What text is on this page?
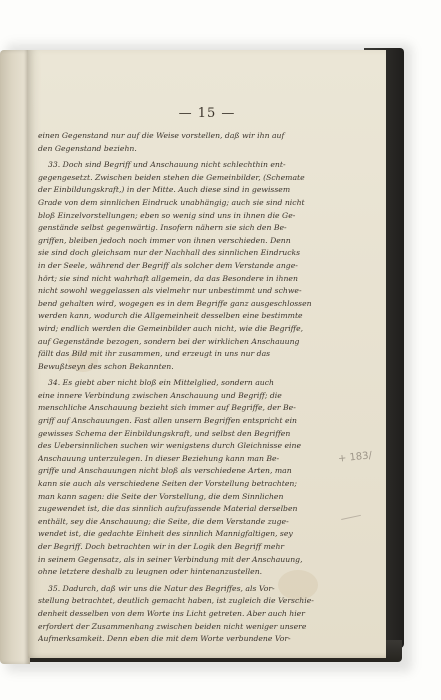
— 15 —

einen Gegenstand nur auf die Weise vorstellen, daß wir ihn auf
den Gegenstand beziehn.

33. Doch sind Begriff und Anschauung nicht schlechthin ent-
gegengesetzt. Zwischen beiden stehen die Gemeinbilder, (Schemate
der Einbildungskraft,) in der Mitte. Auch diese sind in gewissem
Grade von dem sinnlichen Eindruck unabhängig; auch sie sind nicht
bloß Einzelvorstellungen; eben so wenig sind uns in ihnen die Ge-
genstände selbst gegenwärtig. Insofern nähern sie sich den Be-
griffen, bleiben jedoch noch immer von ihnen verschieden. Denn
sie sind doch gleichsam nur der Nachhall des sinnlichen Eindrucks
in der Seele, während der Begriff als solcher dem Verstande ange-
hört; sie sind nicht wahrhaft allgemein, da das Besondere in ihnen
nicht sowohl weggelassen als vielmehr nur unbestimmt und schwe-
bend gehalten wird, wogegen es in dem Begriffe ganz ausgeschlossen
werden kann, wodurch die Allgemeinheit desselben eine bestimmte
wird; endlich werden die Gemeinbilder auch nicht, wie die Begriffe,
auf Gegenstände bezogen, sondern bei der wirklichen Anschauung
fällt das Bild mit ihr zusammen, und erzeugt in uns nur das
Bewußtseyn des schon Bekannten.

34. Es giebt aber nicht bloß ein Mittelglied, sondern auch
eine innere Verbindung zwischen Anschauung und Begriff; die
menschliche Anschauung bezieht sich immer auf Begriffe, der Be-
griff auf Anschauungen. Fast allen unsern Begriffen entspricht ein
gewisses Schema der Einbildungskraft, und selbst den Begriffen
des Uebersinnlichen suchen wir wenigstens durch Gleichnisse eine
Anschauung unterzulegen. In dieser Beziehung kann man Be-
griffe und Anschauungen nicht bloß als verschiedene Arten, man
kann sie auch als verschiedene Seiten der Vorstellung betrachten;
man kann sagen: die Seite der Vorstellung, die dem Sinnlichen
zugewendet ist, die das sinnlich aufzufassende Material derselben
enthält, sey die Anschauung; die Seite, die dem Verstande zuge-
wendet ist, die gedachte Einheit des sinnlich Mannigfaltigen, sey
der Begriff. Doch betrachten wir in der Logik den Begriff mehr
in seinem Gegensatz, als in seiner Verbindung mit der Anschauung,
ohne letztere deshalb zu leugnen oder hintenanzustellen.

35. Dadurch, daß wir uns die Natur des Begriffes, als Vor-
stellung betrachtet, deutlich gemacht haben, ist zugleich die Verschie-
denheit desselben von dem Worte ins Licht getreten. Aber auch hier
erfordert der Zusammenhang zwischen beiden nicht weniger unsere
Aufmerksamkeit. Denn eben die mit dem Worte verbundene Vor-

+ 183/
